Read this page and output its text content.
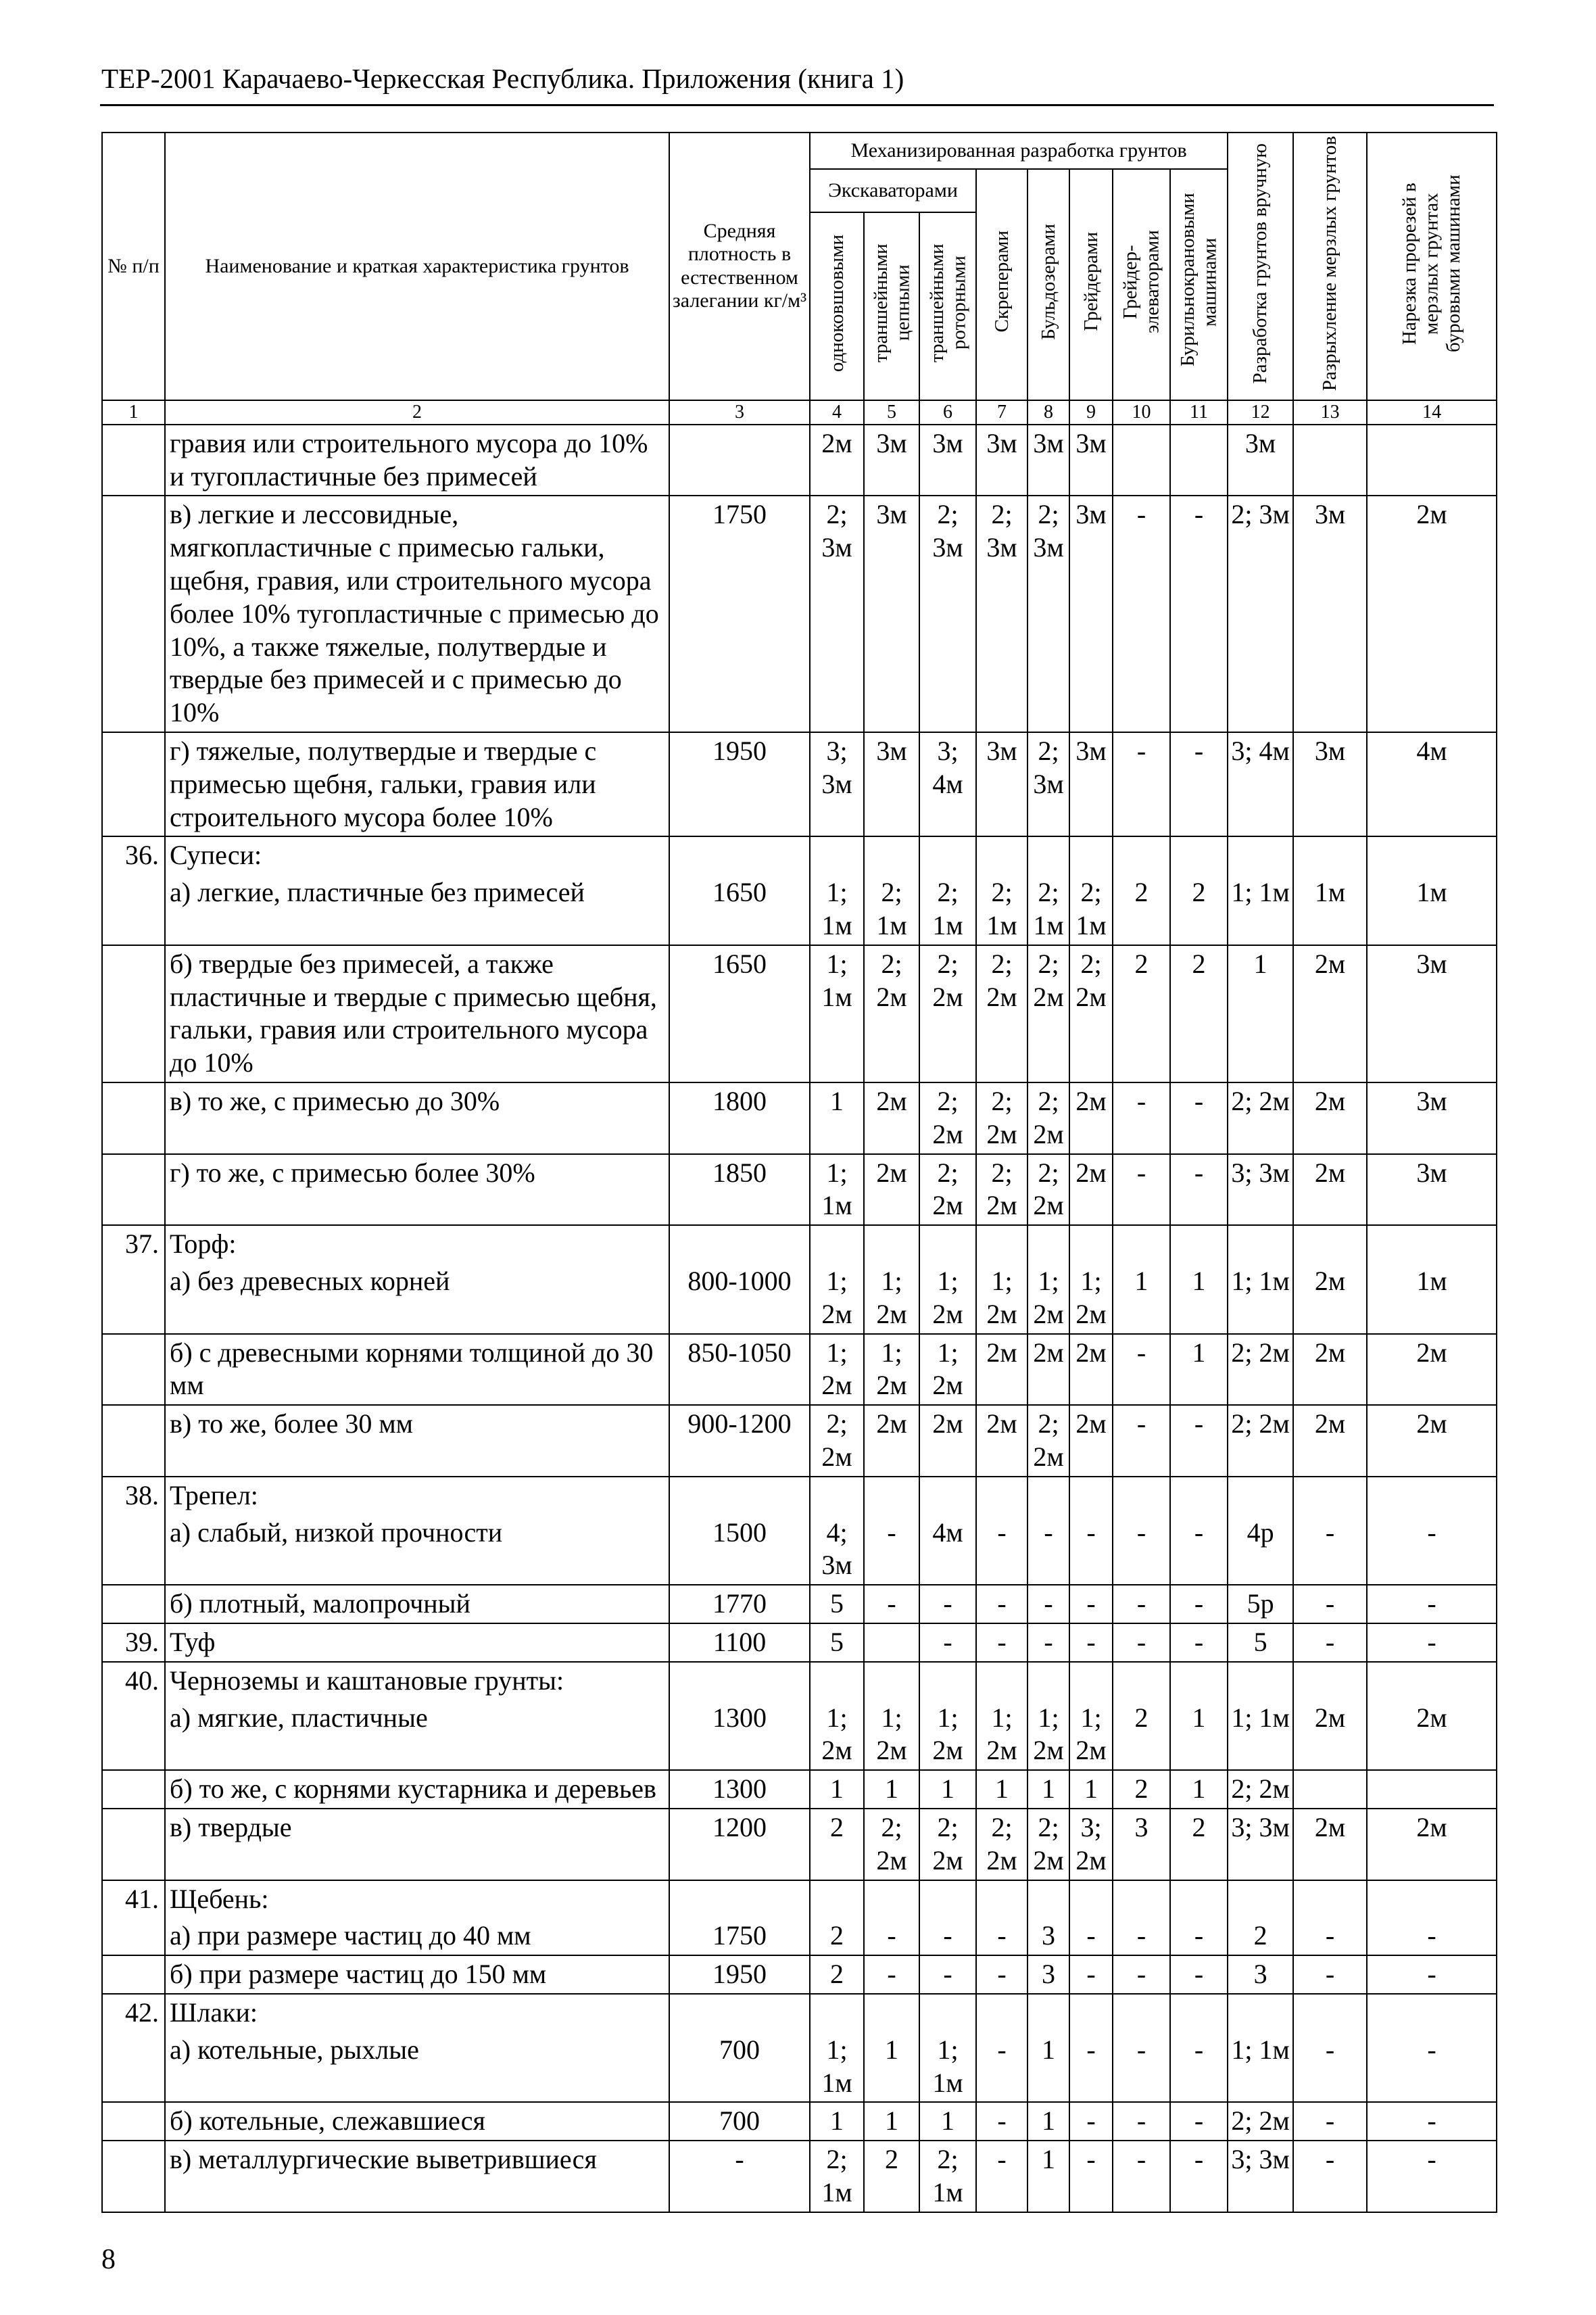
ТЕР-2001 Карачаево-Черкесская Республика. Приложения (книга 1)
№ п/п	Наименование и краткая характеристика грунтов	Средняя плотность в естественном залегании кг/м³	Механизированная разработка грунтов								Разработка грунтов вручную	Разрыхление мерзлых грунтов	Нарезка прорезей в мерзлых грунтах буровыми машинами
			Экскаваторами			Скреперами	Бульдозерами	Грейдерами	Грейдер-элеваторами	Бурильнокрановыми машинами			
			одноковшовыми	траншейными цепными	траншейными роторными								
1	2	3	4	5	6	7	8	9	10	11	12	13	14
	гравия или строительного мусора до 10% и тугопластичные без примесей		2м	3м	3м	3м	3м	3м			3м		
	в) легкие и лессовидные, мягкопластичные с примесью гальки, щебня, гравия, или строительного мусора более 10% тугопластичные с примесью до 10%, а также тяжелые, полутвердые и твердые без примесей и с примесью до 10%	1750	2; 3м	3м	2; 3м	2; 3м	2; 3м	3м	-	-	2; 3м	3м	2м
	г) тяжелые, полутвердые и твердые с примесью щебня, гальки, гравия или строительного мусора более 10%	1950	3; 3м	3м	3; 4м	3м	2; 3м	3м	-	-	3; 4м	3м	4м
36.	Супеси:												
	а) легкие, пластичные без примесей	1650	1; 1м	2; 1м	2; 1м	2; 1м	2; 1м	2; 1м	2	2	1; 1м	1м	1м
	б) твердые без примесей, а также пластичные и твердые с примесью щебня, гальки, гравия или строительного мусора до 10%	1650	1; 1м	2; 2м	2; 2м	2; 2м	2; 2м	2; 2м	2	2	1	2м	3м
	в) то же, с примесью до 30%	1800	1	2м	2; 2м	2; 2м	2; 2м	2м	-	-	2; 2м	2м	3м
	г) то же, с примесью более 30%	1850	1; 1м	2м	2; 2м	2; 2м	2; 2м	2м	-	-	3; 3м	2м	3м
37.	Торф:												
	а) без древесных корней	800-1000	1; 2м	1; 2м	1; 2м	1; 2м	1; 2м	1; 2м	1	1	1; 1м	2м	1м
	б) с древесными корнями толщиной до 30 мм	850-1050	1; 2м	1; 2м	1; 2м	2м	2м	2м	-	1	2; 2м	2м	2м
	в) то же, более 30 мм	900-1200	2; 2м	2м	2м	2м	2; 2м	2м	-	-	2; 2м	2м	2м
38.	Трепел:												
	а) слабый, низкой прочности	1500	4; 3м	-	4м	-	-	-	-	-	4р	-	-
	б) плотный, малопрочный	1770	5	-	-	-	-	-	-	-	5р	-	-
39.	Туф	1100	5		-	-	-	-	-	-	5	-	-
40.	Черноземы и каштановые грунты:												
	а) мягкие, пластичные	1300	1; 2м	1; 2м	1; 2м	1; 2м	1; 2м	1; 2м	2	1	1; 1м	2м	2м
	б) то же, с корнями кустарника и деревьев	1300	1	1	1	1	1	1	2	1	2; 2м		
	в) твердые	1200	2	2; 2м	2; 2м	2; 2м	2; 2м	3; 2м	3	2	3; 3м	2м	2м
41.	Щебень:												
	а) при размере частиц до 40 мм	1750	2	-	-	-	3	-	-	-	2	-	-
	б) при размере частиц до 150 мм	1950	2	-	-	-	3	-	-	-	3	-	-
42.	Шлаки:												
	а) котельные, рыхлые	700	1; 1м	1	1; 1м	-	1	-	-	-	1; 1м	-	-
	б) котельные, слежавшиеся	700	1	1	1	-	1	-	-	-	2; 2м	-	-
	в) металлургические выветрившиеся	-	2; 1м	2	2; 1м	-	1	-	-	-	3; 3м	-	-
8
